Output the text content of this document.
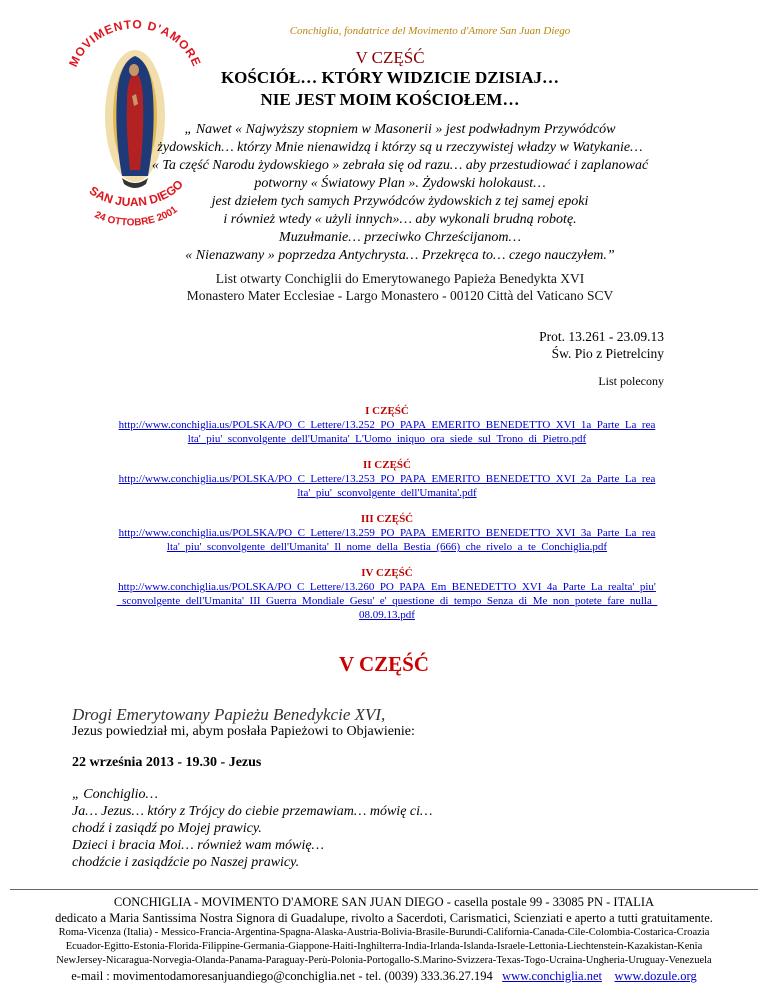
Conchiglia, fondatrice del Movimento d'Amore San Juan Diego
MOVIMENTO D'AMORE
SAN JUAN DIEGO
24 OTTOBRE 2001
V CZĘŚĆ
KOŚCIÓŁ… KTÓRY WIDZICIE DZISIAJ…
NIE JEST MOIM KOŚCIOŁEM…
„ Nawet « Najwyższy stopniem w Masonerii » jest podwładnym Przywódców
żydowskich… którzy Mnie nienawidzą i którzy są u rzeczywistej władzy w Watykanie…
« Ta część Narodu żydowskiego » zebrała się od razu… aby przestudiować i zaplanować
potworny « Światowy Plan ». Żydowski holokaust…
jest dziełem tych samych Przywódców żydowskich z tej samej epoki
i również wtedy « użyli innych»… aby wykonali brudną robotę.
Muzułmanie… przeciwko Chrześcijanom…
« Nienazwany » poprzedza Antychrysta… Przekręca to… czego nauczyłem.”
List otwarty Conchiglii do Emerytowanego Papieża Benedykta XVI
Monastero Mater Ecclesiae - Largo Monastero - 00120 Città del Vaticano SCV
Prot. 13.261 - 23.09.13
Św. Pio z Pietrelciny
List polecony
I CZĘŚĆ
http://www.conchiglia.us/POLSKA/PO_C_Lettere/13.252_PO_PAPA_EMERITO_BENEDETTO_XVI_1a_Parte_La_rea
lta'_piu'_sconvolgente_dell'Umanita'_L'Uomo_iniquo_ora_siede_sul_Trono_di_Pietro.pdf
II CZĘŚĆ
http://www.conchiglia.us/POLSKA/PO_C_Lettere/13.253_PO_PAPA_EMERITO_BENEDETTO_XVI_2a_Parte_La_rea
lta'_piu'_sconvolgente_dell'Umanita'.pdf
III CZĘŚĆ
http://www.conchiglia.us/POLSKA/PO_C_Lettere/13.259_PO_PAPA_EMERITO_BENEDETTO_XVI_3a_Parte_La_rea
lta'_piu'_sconvolgente_dell'Umanita'_Il_nome_della_Bestia_(666)_che_rivelo_a_te_Conchiglia.pdf
IV CZĘŚĆ
http://www.conchiglia.us/POLSKA/PO_C_Lettere/13.260_PO_PAPA_Em_BENEDETTO_XVI_4a_Parte_La_realta'_piu'
_sconvolgente_dell'Umanita'_III_Guerra_Mondiale_Gesu'_e'_questione_di_tempo_Senza_di_Me_non_potete_fare_nulla_
08.09.13.pdf
V CZĘŚĆ
Drogi Emerytowany Papieżu Benedykcie XVI,
Jezus powiedział mi, abym posłała Papieżowi to Objawienie:
22 września 2013 - 19.30 - Jezus
„ Conchiglio…
Ja… Jezus… który z Trójcy do ciebie przemawiam… mówię ci…
chodź i zasiądź po Mojej prawicy.
Dzieci i bracia Moi… również wam mówię…
chodźcie i zasiądźcie po Naszej prawicy.
CONCHIGLIA - MOVIMENTO D'AMORE SAN JUAN DIEGO - casella postale 99 - 33085 PN - ITALIA
dedicato a Maria Santissima Nostra Signora di Guadalupe, rivolto a Sacerdoti, Carismatici, Scienziati e aperto a tutti gratuitamente.
Roma-Vicenza (Italia) - Messico-Francia-Argentina-Spagna-Alaska-Austria-Bolivia-Brasile-Burundi-California-Canada-Cile-Colombia-Costarica-Croazia
Ecuador-Egitto-Estonia-Florida-Filippine-Germania-Giappone-Haiti-Inghilterra-India-Irlanda-Islanda-Israele-Lettonia-Liechtenstein-Kazakistan-Kenia
NewJersey-Nicaragua-Norvegia-Olanda-Panama-Paraguay-Perù-Polonia-Portogallo-S.Marino-Svizzera-Texas-Togo-Ucraina-Ungheria-Uruguay-Venezuela
e-mail : movimentodamoresanjuandiego@conchiglia.net - tel. (0039) 333.36.27.194 www.conchiglia.net www.dozule.org
